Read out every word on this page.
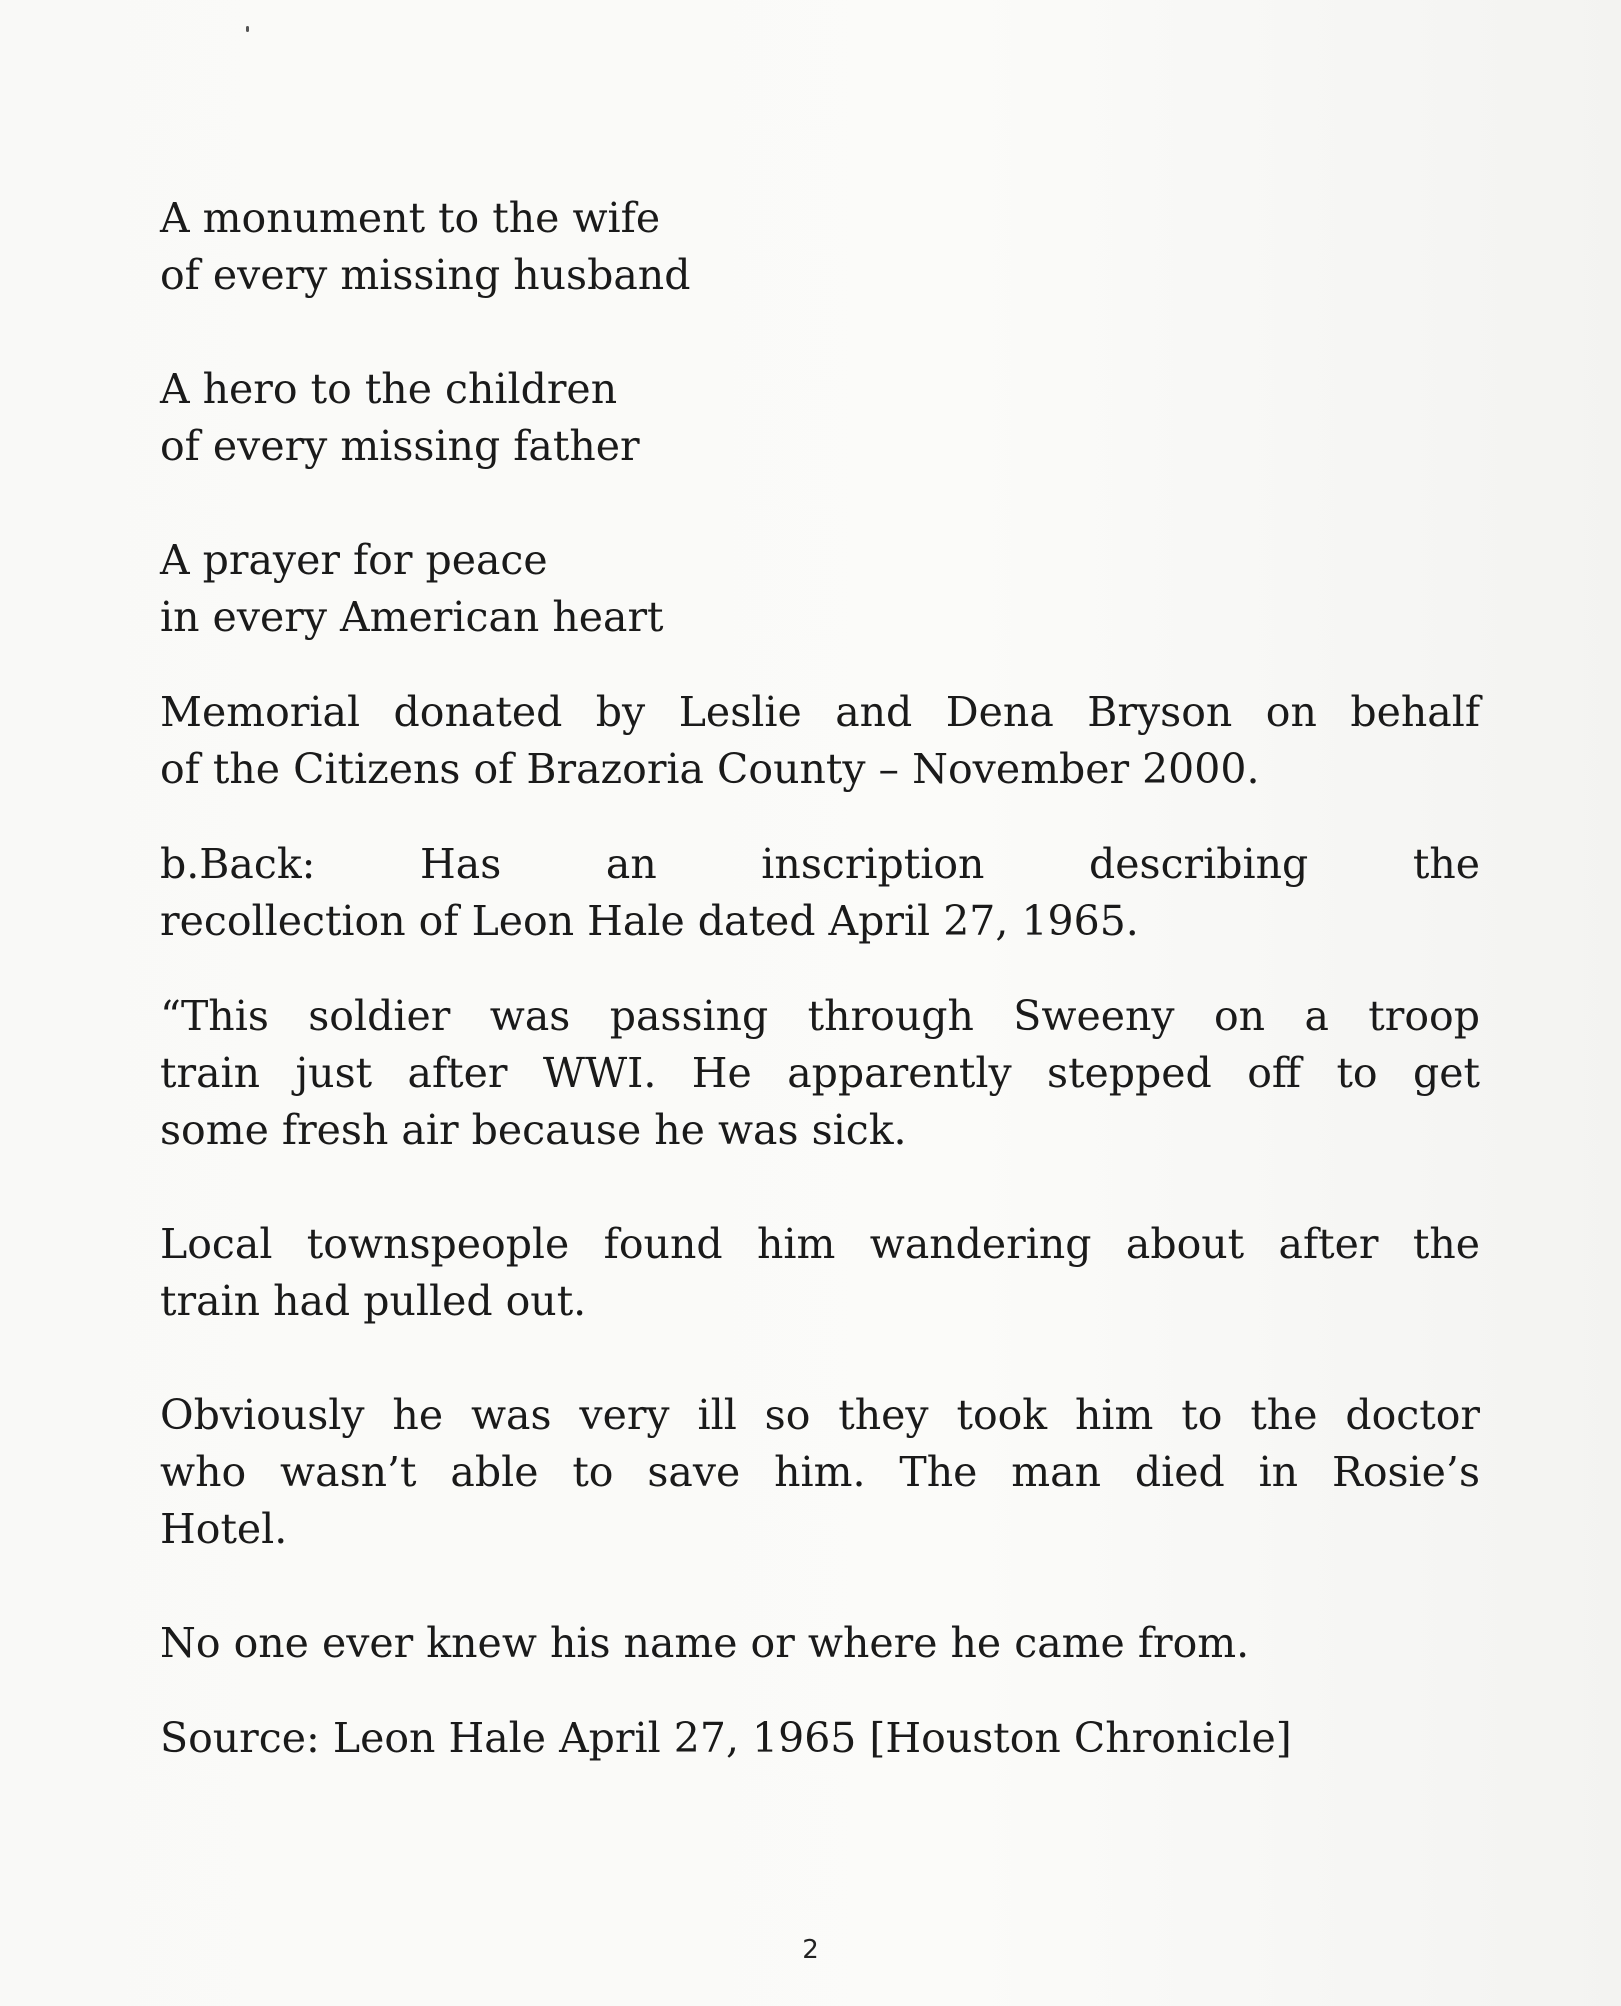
A monument to the wife
of every missing husband
A hero to the children
of every missing father
A prayer for peace
in every American heart
Memorial donated by Leslie and Dena Bryson on behalf
of the Citizens of Brazoria County – November 2000.
b.Back: Has an inscription describing the
recollection of Leon Hale dated April 27, 1965.
“This soldier was passing through Sweeny on a troop
train just after WWI. He apparently stepped off to get
some fresh air because he was sick.
Local townspeople found him wandering about after the
train had pulled out.
Obviously he was very ill so they took him to the doctor
who wasn’t able to save him. The man died in Rosie’s
Hotel.
No one ever knew his name or where he came from.
Source: Leon Hale April 27, 1965 [Houston Chronicle]
2
